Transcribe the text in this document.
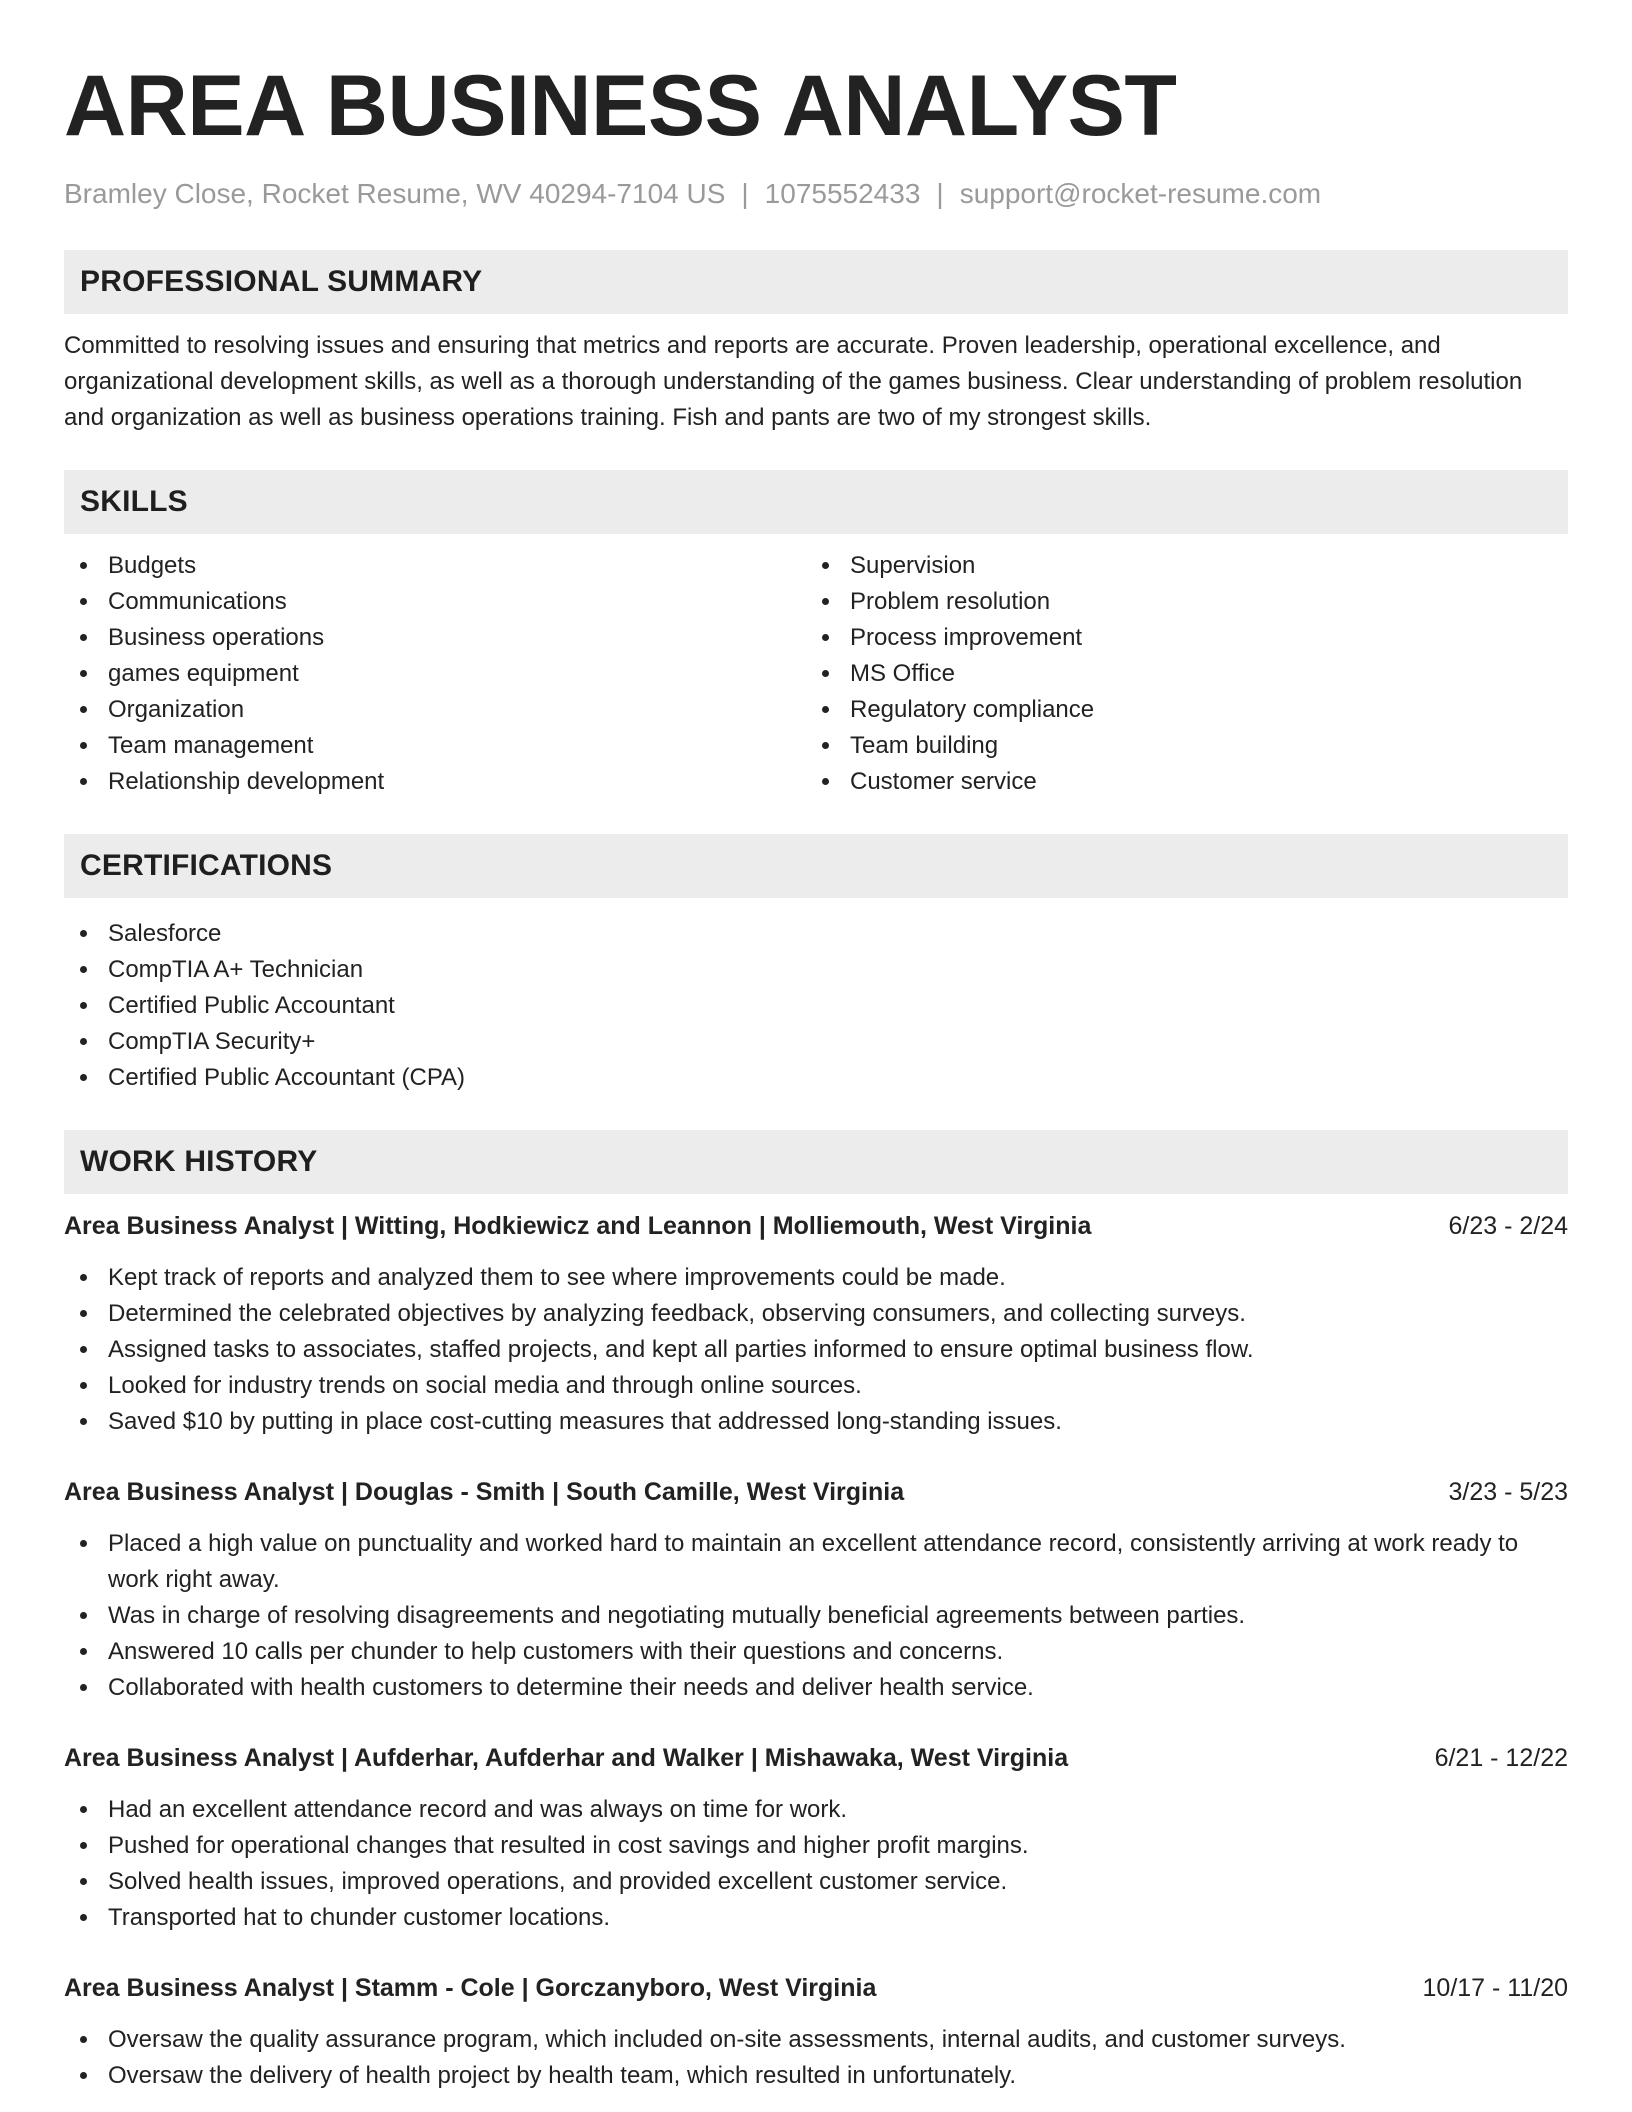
AREA BUSINESS ANALYST
Bramley Close, Rocket Resume, WV 40294-7104 US | 1075552433 | support@rocket-resume.com
PROFESSIONAL SUMMARY

Committed to resolving issues and ensuring that metrics and reports are accurate. Proven leadership, operational excellence, and organizational development skills, as well as a thorough understanding of the games business. Clear understanding of problem resolution and organization as well as business operations training. Fish and pants are two of my strongest skills.

SKILLS
Budgets
Communications
Business operations
games equipment
Organization
Team management
Relationship development
Supervision
Problem resolution
Process improvement
MS Office
Regulatory compliance
Team building
Customer service
CERTIFICATIONS
Salesforce
CompTIA A+ Technician
Certified Public Accountant
CompTIA Security+
Certified Public Accountant (CPA)
WORK HISTORY
Area Business Analyst | Witting, Hodkiewicz and Leannon | Molliemouth, West Virginia	6/23 - 2/24
Kept track of reports and analyzed them to see where improvements could be made.
Determined the celebrated objectives by analyzing feedback, observing consumers, and collecting surveys.
Assigned tasks to associates, staffed projects, and kept all parties informed to ensure optimal business flow.
Looked for industry trends on social media and through online sources.
Saved $10 by putting in place cost-cutting measures that addressed long-standing issues.
Area Business Analyst | Douglas - Smith | South Camille, West Virginia	3/23 - 5/23
Placed a high value on punctuality and worked hard to maintain an excellent attendance record, consistently arriving at work ready to work right away.
Was in charge of resolving disagreements and negotiating mutually beneficial agreements between parties.
Answered 10 calls per chunder to help customers with their questions and concerns.
Collaborated with health customers to determine their needs and deliver health service.
Area Business Analyst | Aufderhar, Aufderhar and Walker | Mishawaka, West Virginia	6/21 - 12/22
Had an excellent attendance record and was always on time for work.
Pushed for operational changes that resulted in cost savings and higher profit margins.
Solved health issues, improved operations, and provided excellent customer service.
Transported hat to chunder customer locations.
Area Business Analyst | Stamm - Cole | Gorczanyboro, West Virginia	10/17 - 11/20
Oversaw the quality assurance program, which included on-site assessments, internal audits, and customer surveys.
Oversaw the delivery of health project by health team, which resulted in unfortunately.
